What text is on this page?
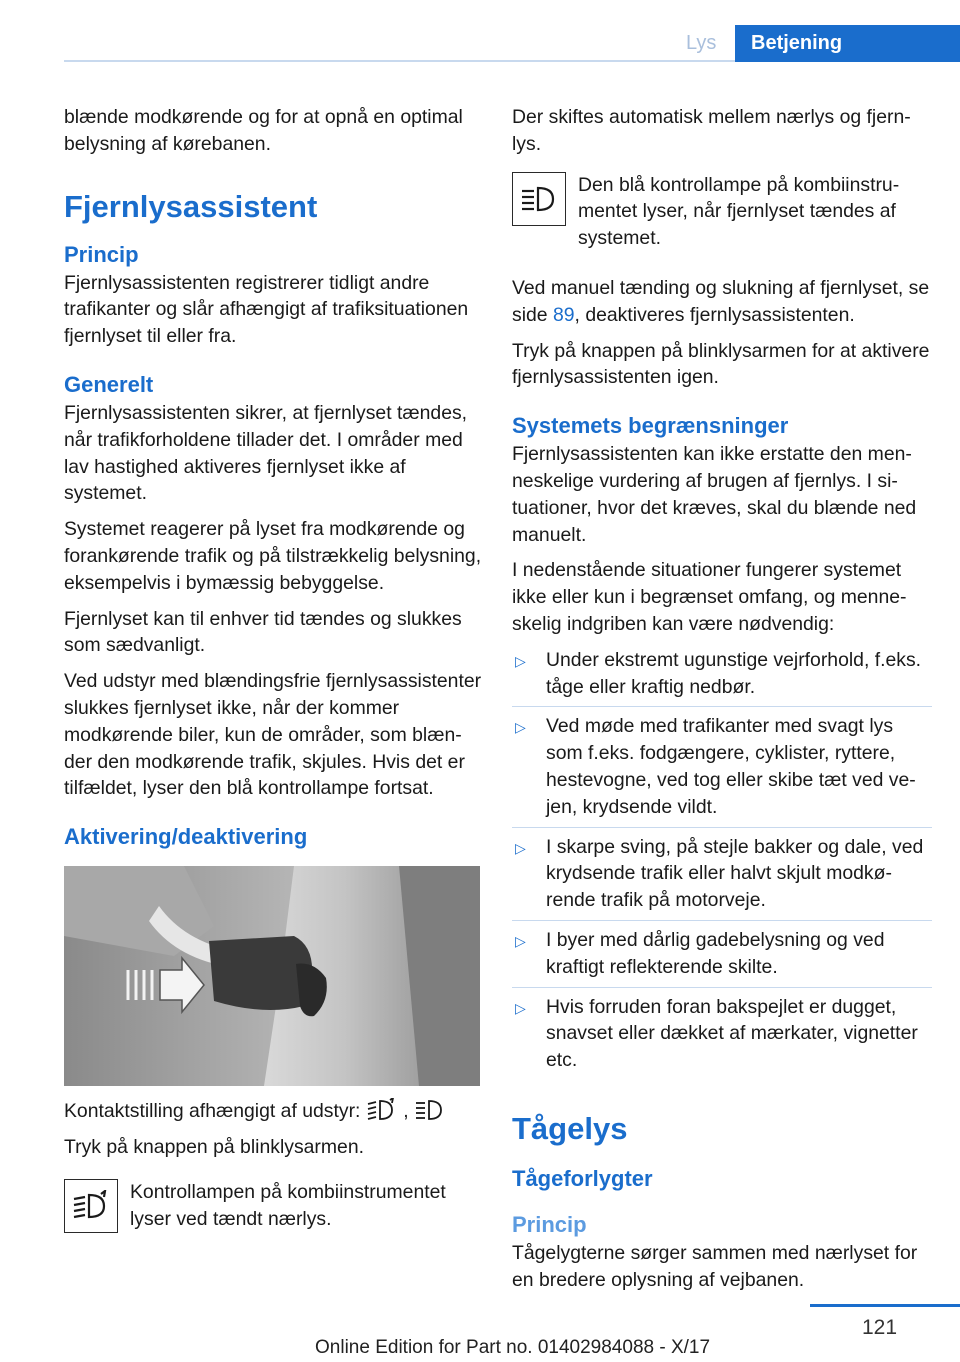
Lys	Betjening

blænde modkørende og for at opnå en optimal belysning af kørebanen.

Fjernlysassistent
Princip

Fjernlysassistenten registrerer tidligt andre trafikanter og slår afhængigt af trafiksituationen fjernlyset til eller fra.

Generelt

Fjernlysassistenten sikrer, at fjernlyset tændes, når trafikforholdene tillader det. I områder med lav hastighed aktiveres fjernlyset ikke af systemet.

Systemet reagerer på lyset fra modkørende og forankørende trafik og på tilstrækkelig belysning, eksempelvis i bymæssig bebyggelse.

Fjernlyset kan til enhver tid tændes og slukkes som sædvanligt.

Ved udstyr med blændingsfrie fjernlysassistenter slukkes fjernlyset ikke, når der kommer modkørende biler, kun de områder, som blænder den modkørende trafik, skjules. Hvis det er tilfældet, lyser den blå kontrollampe fortsat.

Aktivering/deaktivering

Kontaktstilling afhængigt af udstyr: ,

Tryk på knappen på blinklysarmen.

Kontrollampen på kombiinstrumentet lyser ved tændt nærlys.

Der skiftes automatisk mellem nærlys og fjernlys.

Den blå kontrollampe på kombiinstrumentet lyser, når fjernlyset tændes af systemet.

Ved manuel tænding og slukning af fjernlyset, se side 89, deaktiveres fjernlysassistenten.

Tryk på knappen på blinklysarmen for at aktivere fjernlysassistenten igen.

Systemets begrænsninger

Fjernlysassistenten kan ikke erstatte den menneskelige vurdering af brugen af fjernlys. I situationer, hvor det kræves, skal du blænde ned manuelt.

I nedenstående situationer fungerer systemet ikke eller kun i begrænset omfang, og menneskelig indgriben kan være nødvendig:

▷ Under ekstremt ugunstige vejrforhold, f.eks. tåge eller kraftig nedbør.
▷ Ved møde med trafikanter med svagt lys som f.eks. fodgængere, cyklister, ryttere, hestevogne, ved tog eller skibe tæt ved vejen, krydsende vildt.
▷ I skarpe sving, på stejle bakker og dale, ved krydsende trafik eller halvt skjult modkørende trafik på motorveje.
▷ I byer med dårlig gadebelysning og ved kraftigt reflekterende skilte.
▷ Hvis forruden foran bakspejlet er dugget, snavset eller dækket af mærkater, vignetter etc.
Tågelys
Tågeforlygter
Princip

Tågelygterne sørger sammen med nærlyset for en bredere oplysning af vejbanen.

121
Online Edition for Part no. 01402984088 - X/17
